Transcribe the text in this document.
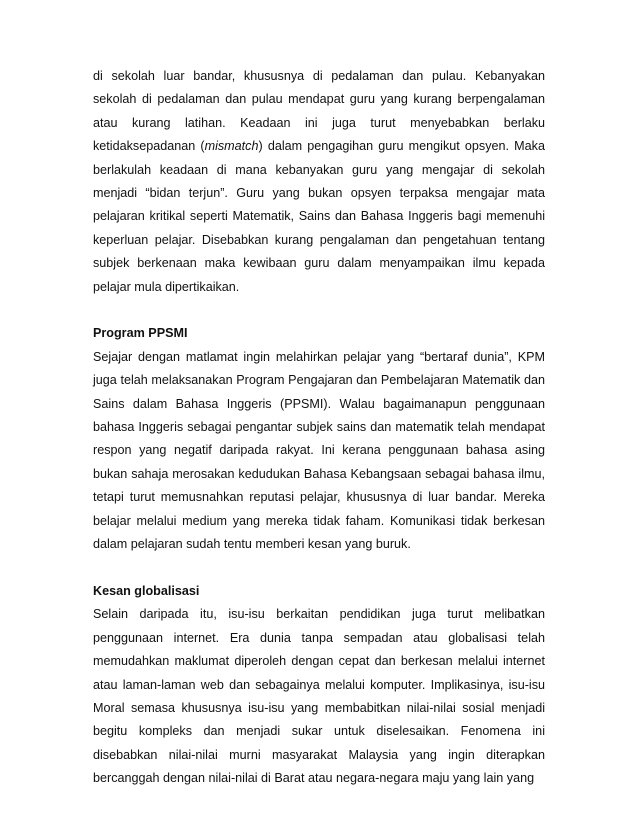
di sekolah luar bandar, khususnya di pedalaman dan pulau. Kebanyakan sekolah di pedalaman dan pulau mendapat guru yang kurang berpengalaman atau kurang latihan. Keadaan ini juga turut menyebabkan berlaku ketidaksepadanan (mismatch) dalam pengagihan guru mengikut opsyen. Maka berlakulah keadaan di mana kebanyakan guru yang mengajar di sekolah menjadi “bidan terjun”. Guru yang bukan opsyen terpaksa mengajar mata pelajaran kritikal seperti Matematik, Sains dan Bahasa Inggeris bagi memenuhi keperluan pelajar. Disebabkan kurang pengalaman dan pengetahuan tentang subjek berkenaan maka kewibaan guru dalam menyampaikan ilmu kepada pelajar mula dipertikaikan.

Program PPSMI

Sejajar dengan matlamat ingin melahirkan pelajar yang “bertaraf dunia”, KPM juga telah melaksanakan Program Pengajaran dan Pembelajaran Matematik dan Sains dalam Bahasa Inggeris (PPSMI). Walau bagaimanapun penggunaan bahasa Inggeris sebagai pengantar subjek sains dan matematik telah mendapat respon yang negatif daripada rakyat. Ini kerana penggunaan bahasa asing bukan sahaja merosakan kedudukan Bahasa Kebangsaan sebagai bahasa ilmu, tetapi turut memusnahkan reputasi pelajar, khususnya di luar bandar. Mereka belajar melalui medium yang mereka tidak faham. Komunikasi tidak berkesan dalam pelajaran sudah tentu memberi kesan yang buruk.

Kesan globalisasi

Selain daripada itu, isu-isu berkaitan pendidikan juga turut melibatkan penggunaan internet. Era dunia tanpa sempadan atau globalisasi telah memudahkan maklumat diperoleh dengan cepat dan berkesan melalui internet atau laman-laman web dan sebagainya melalui komputer. Implikasinya, isu-isu Moral semasa khususnya isu-isu yang membabitkan nilai-nilai sosial menjadi begitu kompleks dan menjadi sukar untuk diselesaikan. Fenomena ini disebabkan nilai-nilai murni masyarakat Malaysia yang ingin diterapkan bercanggah dengan nilai-nilai di Barat atau negara-negara maju yang lain yang
